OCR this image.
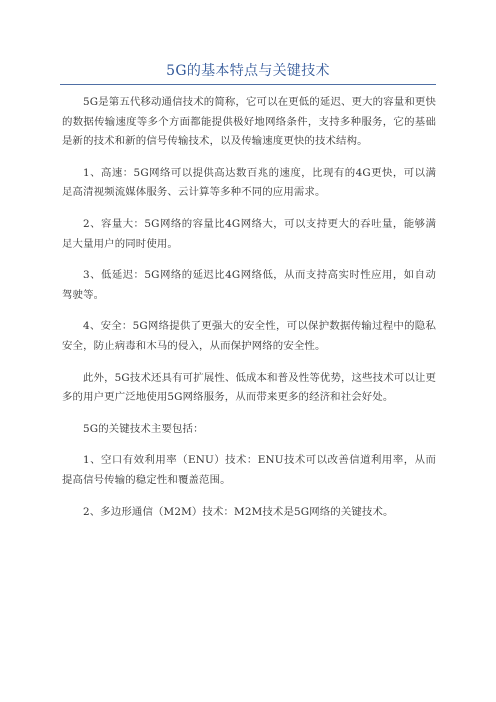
5G的基本特点与关键技术

5G是第五代移动通信技术的简称，它可以在更低的延迟、更大的容量和更快的数据传输速度等多个方面都能提供极好地网络条件，支持多种服务，它的基础是新的技术和新的信号传输技术，以及传输速度更快的技术结构。

1、高速：5G网络可以提供高达数百兆的速度，比现有的4G更快，可以满足高清视频流媒体服务、云计算等多种不同的应用需求。

2、容量大：5G网络的容量比4G网络大，可以支持更大的吞吐量，能够满足大量用户的同时使用。

3、低延迟：5G网络的延迟比4G网络低，从而支持高实时性应用，如自动驾驶等。

4、安全：5G网络提供了更强大的安全性，可以保护数据传输过程中的隐私安全，防止病毒和木马的侵入，从而保护网络的安全性。

此外，5G技术还具有可扩展性、低成本和普及性等优势，这些技术可以让更多的用户更广泛地使用5G网络服务，从而带来更多的经济和社会好处。

5G的关键技术主要包括：

1、空口有效利用率（ENU）技术：ENU技术可以改善信道利用率，从而提高信号传输的稳定性和覆盖范围。

2、多边形通信（M2M）技术：M2M技术是5G网络的关键技术。
